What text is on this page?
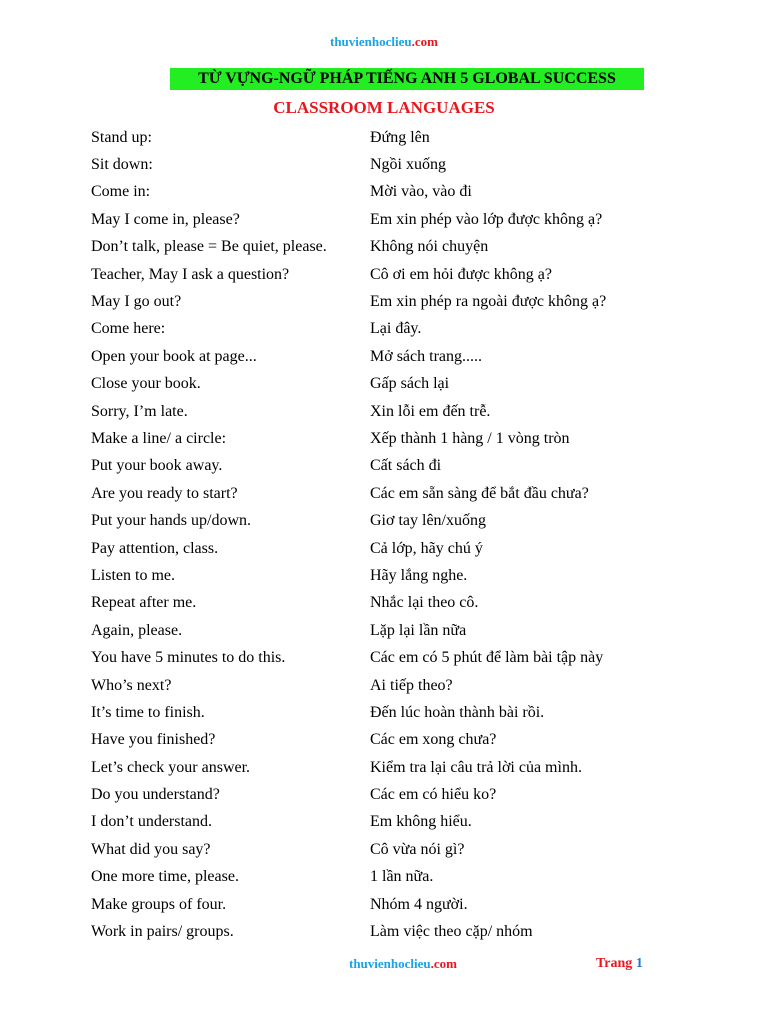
thuvienhoclieu.com
TỪ VỰNG-NGỮ PHÁP TIẾNG ANH 5 GLOBAL SUCCESS
CLASSROOM LANGUAGES
Stand up:	Đứng lên
Sit down:	Ngồi xuống
Come in:	Mời vào, vào đi
May I come in, please?	Em xin phép vào lớp được không ạ?
Don’t talk, please = Be quiet, please.	Không nói chuyện
Teacher, May I ask a question?	Cô ơi em hỏi được không ạ?
May I go out?	Em xin phép ra ngoài được không ạ?
Come here:	Lại đây.
Open your book at page...	Mở sách trang.....
Close your book.	Gấp sách lại
Sorry, I’m late.	Xin lỗi em đến trễ.
Make a line/ a circle:	Xếp thành 1 hàng / 1 vòng tròn
Put your book away.	Cất sách đi
Are you ready to start?	Các em sẵn sàng để bắt đầu chưa?
Put your hands up/down.	Giơ tay lên/xuống
Pay attention, class.	Cả lớp, hãy chú ý
Listen to me.	Hãy lắng nghe.
Repeat after me.	Nhắc lại theo cô.
Again, please.	Lặp lại lần nữa
You have 5 minutes to do this.	Các em có 5 phút để làm bài tập này
Who’s next?	Ai tiếp theo?
It’s time to finish.	Đến lúc hoàn thành bài rồi.
Have you finished?	Các em xong chưa?
Let’s check your answer.	Kiểm tra lại câu trả lời của mình.
Do you understand?	Các em có hiểu ko?
I don’t understand.	Em không hiểu.
What did you say?	Cô vừa nói gì?
One more time, please.	1 lần nữa.
Make groups of four.	Nhóm 4 người.
Work in pairs/ groups.	Làm việc theo cặp/ nhóm
thuvienhoclieu.com	Trang 1
